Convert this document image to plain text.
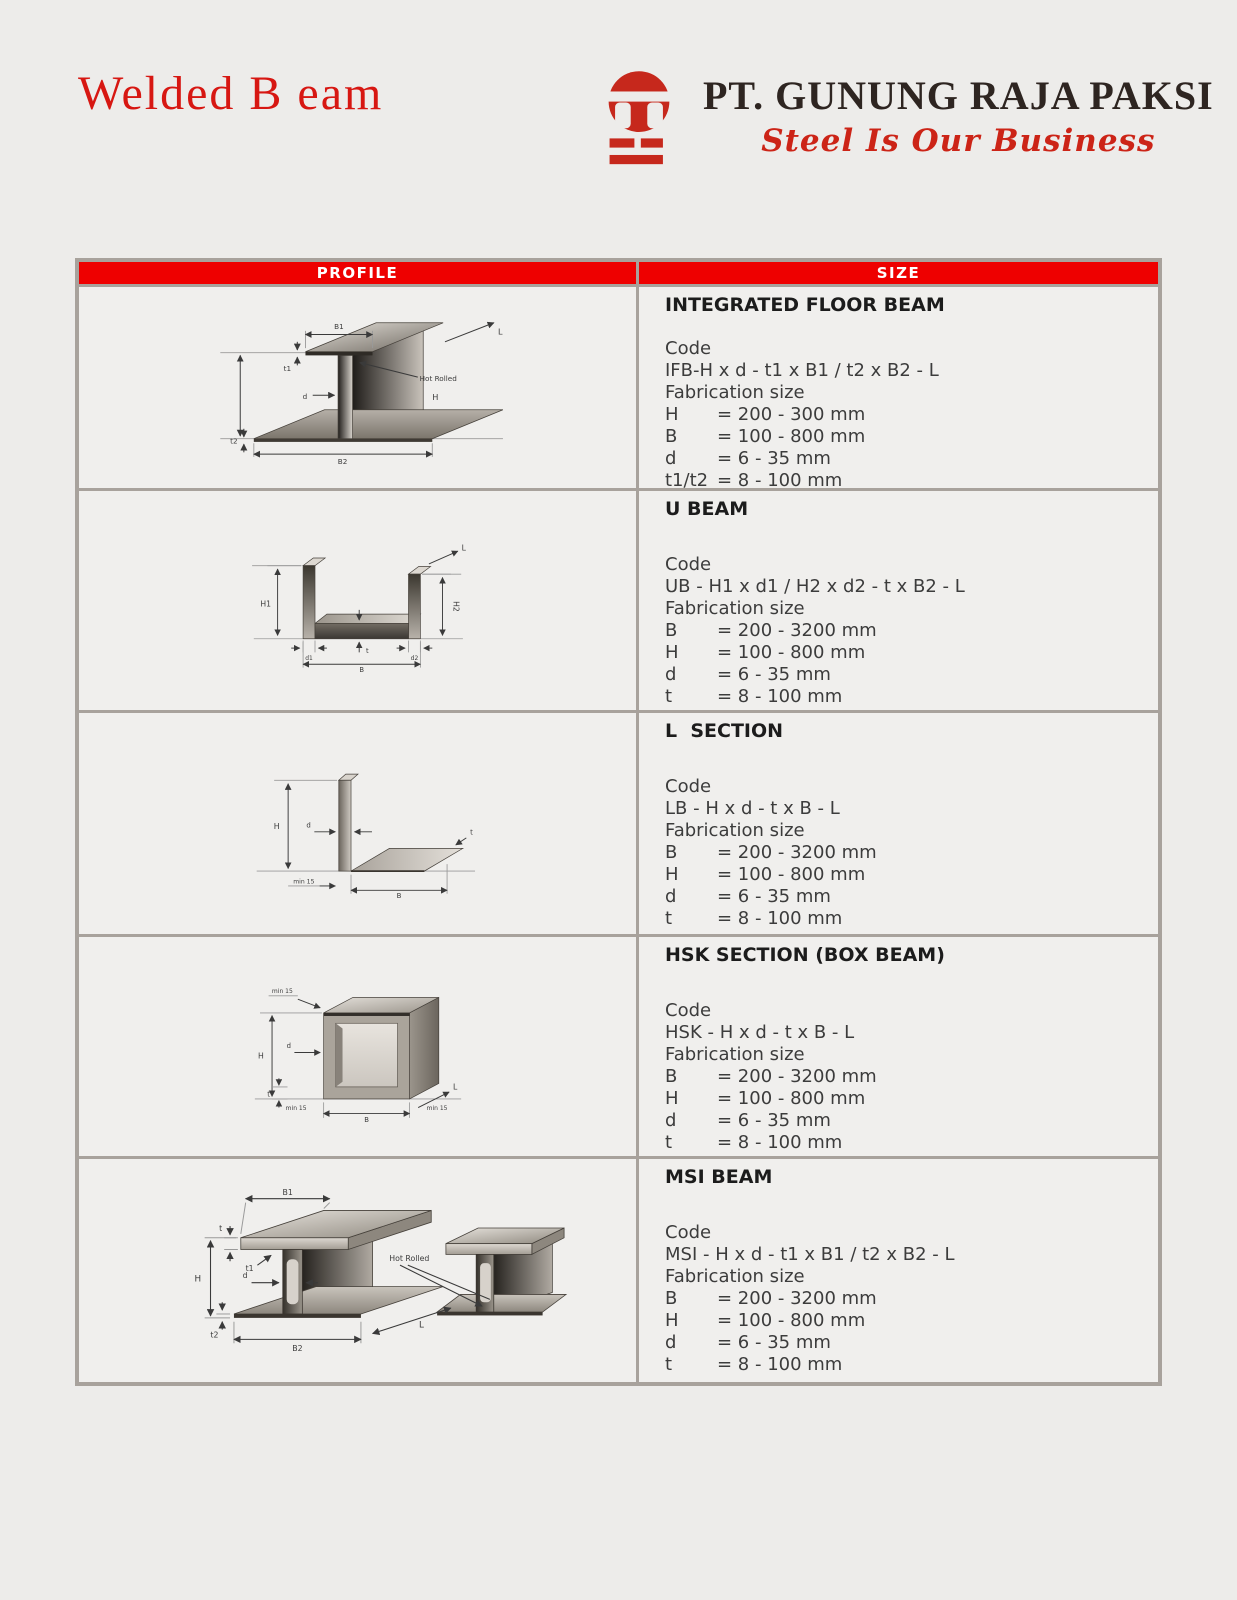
Welded B eam	PT. GUNUNG RAJA PAKSI
Steel Is Our Business
PROFILE	SIZE
B1
t1
d
t2
B2
L
Hot Rolled
H
INTEGRATED FLOOR BEAM
Code
IFB-H x d - t1 x B1 / t2 x B2 - L
Fabrication size
H	= 200 - 300 mm
B	= 100 - 800 mm
d	= 6 - 35 mm
t1/t2 = 8 - 100 mm
H1	H2
t
d1	d2
B
L
U BEAM
Code
UB - H1 x d1 / H2 x d2 - t x B2 - L
Fabrication size
B	= 200 - 3200 mm
H	= 100 - 800 mm
d	= 6 - 35 mm
t	= 8 - 100 mm
H	d
min 15
B
t
L  SECTION
Code
LB - H x d - t x B - L
Fabrication size
B	= 200 - 3200 mm
H	= 100 - 800 mm
d	= 6 - 35 mm
t	= 8 - 100 mm
min 15
H
d
t
B
min 15	min 15
L
HSK SECTION (BOX BEAM)
Code
HSK - H x d - t x B - L
Fabrication size
B	= 200 - 3200 mm
H	= 100 - 800 mm
d	= 6 - 35 mm
t	= 8 - 100 mm
B1
t
t1
H	d
t2
B2
L
Hot Rolled
MSI BEAM
Code
MSI - H x d - t1 x B1 / t2 x B2 - L
Fabrication size
B	= 200 - 3200 mm
H	= 100 - 800 mm
d	= 6 - 35 mm
t	= 8 - 100 mm
